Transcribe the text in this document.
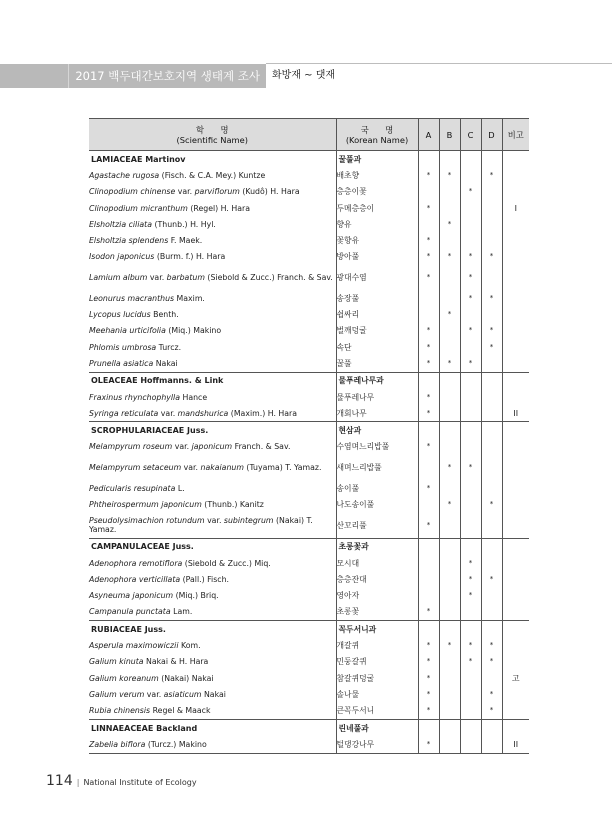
2017 백두대간보호지역 생태계 조사 화방재 ~ 댓재
학　　명
(Scientific Name)	국　　명
(Korean Name)	A	B	C	D	비고
LAMIACEAE Martinov	꿀풀과					
Agastache rugosa (Fisch. & C.A. Mey.) Kuntze	배초향	*	*		*	
Clinopodium chinense var. parviflorum (Kudô) H. Hara	층층이꽃			*		
Clinopodium micranthum (Regel) H. Hara	두메층층이	*				I
Elsholtzia ciliata (Thunb.) H. Hyl.	향유		*			
Elsholtzia splendens F. Maek.	꽃향유	*				
Isodon japonicus (Burm. f.) H. Hara	방아풀	*	*	*	*	
Lamium album var. barbatum (Siebold & Zucc.) Franch. & Sav.	광대수염	*		*		
Leonurus macranthus Maxim.	송장풀			*	*	
Lycopus lucidus Benth.	쉽싸리		*			
Meehania urticifolia (Miq.) Makino	벌깨덩굴	*		*	*	
Phlomis umbrosa Turcz.	속단	*			*	
Prunella asiatica Nakai	꿀풀	*	*	*		
OLEACEAE Hoffmanns. & Link	물푸레나무과					
Fraxinus rhynchophylla Hance	물푸레나무	*				
Syringa reticulata var. mandshurica (Maxim.) H. Hara	개회나무	*				II
SCROPHULARIACEAE Juss.	현삼과					
Melampyrum roseum var. japonicum Franch. & Sav.	수염며느리밥풀	*				
Melampyrum setaceum var. nakaianum (Tuyama) T. Yamaz.	새며느리밥풀		*	*		
Pedicularis resupinata L.	송이풀	*				
Phtheirospermum japonicum (Thunb.) Kanitz	나도송이풀		*		*	
Pseudolysimachion rotundum var. subintegrum (Nakai) T. Yamaz.	산꼬리풀	*				
CAMPANULACEAE Juss.	초롱꽃과					
Adenophora remotiflora (Siebold & Zucc.) Miq.	모시대			*		
Adenophora verticillata (Pall.) Fisch.	층층잔대			*	*	
Asyneuma japonicum (Miq.) Briq.	영아자			*		
Campanula punctata Lam.	초롱꽃	*				
RUBIACEAE Juss.	꼭두서니과					
Asperula maximowiczii Kom.	개갈퀴	*	*	*	*	
Galium kinuta Nakai & H. Hara	민둥갈퀴	*		*	*	
Galium koreanum (Nakai) Nakai	참갈퀴덩굴	*				고
Galium verum var. asiaticum Nakai	솔나물	*			*	
Rubia chinensis Regel & Maack	큰꼭두서니	*			*	
LINNAEACEAE Backland	린네풀과					
Zabelia biflora (Turcz.) Makino	털댕강나무	*				II
114 | National Institute of Ecology
